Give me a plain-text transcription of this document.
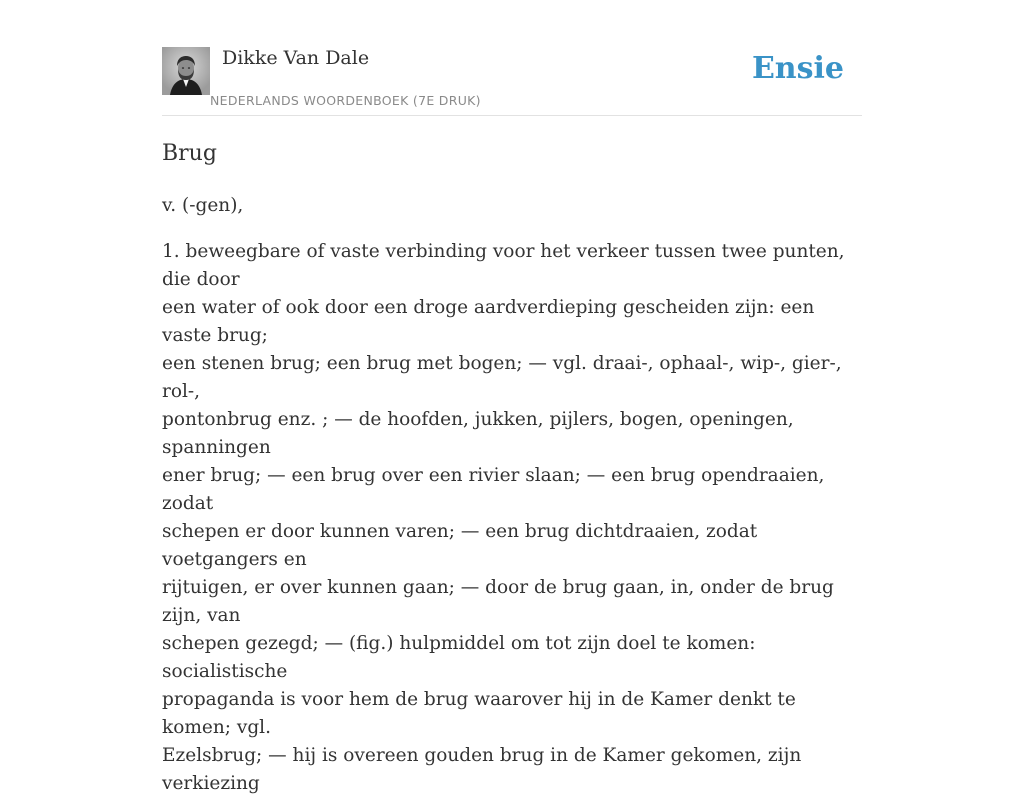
Dikke Van Dale
NEDERLANDS WOORDENBOEK (7E DRUK)
Ensie
Brug

v. (-gen),

1. beweegbare of vaste verbinding voor het verkeer tussen twee punten, die door
een water of ook door een droge aardverdieping gescheiden zijn: een vaste brug;
een stenen brug; een brug met bogen; — vgl. draai-, ophaal-, wip-, gier-, rol-,
pontonbrug enz. ; — de hoofden, jukken, pijlers, bogen, openingen, spanningen
ener brug; — een brug over een rivier slaan; — een brug opendraaien, zodat
schepen er door kunnen varen; — een brug dichtdraaien, zodat voetgangers en
rijtuigen, er over kunnen gaan; — door de brug gaan, in, onder de brug zijn, van
schepen gezegd; — (fig.) hulpmiddel om tot zijn doel te komen: socialistische
propaganda is voor hem de brug waarover hij in de Kamer denkt te komen; vgl.
Ezelsbrug; — hij is overeen gouden brug in de Kamer gekomen, zijn verkiezing
